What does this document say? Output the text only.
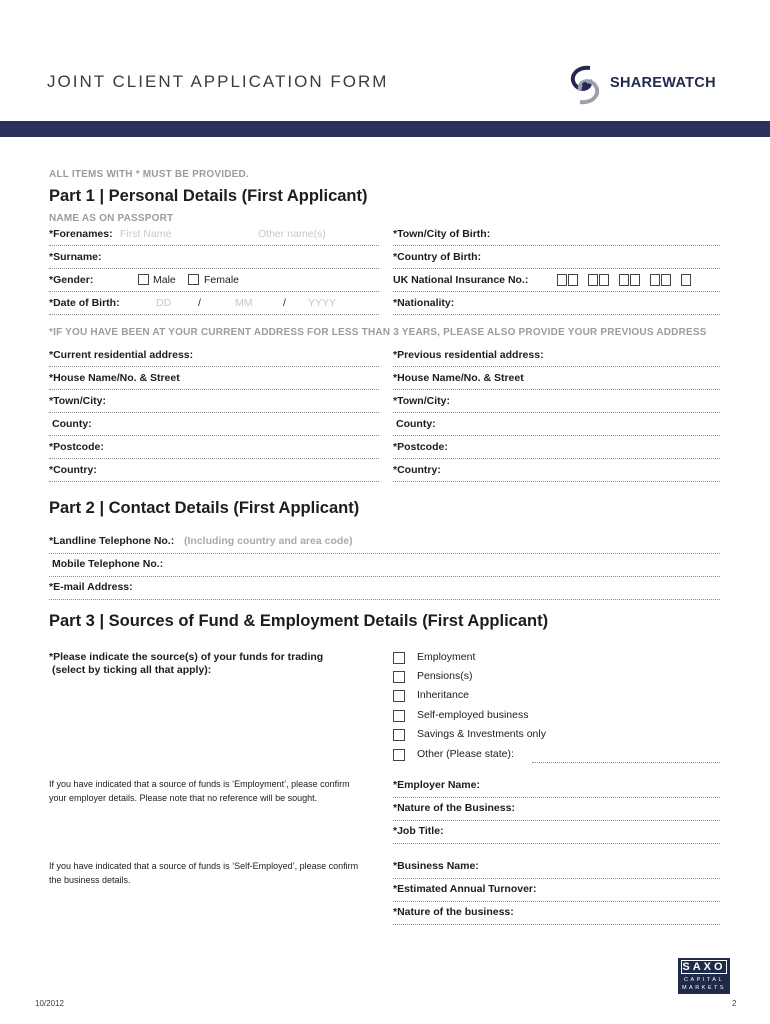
JOINT CLIENT APPLICATION FORM	SHAREWATCH
ALL ITEMS WITH * MUST BE PROVIDED.
Part 1 | Personal Details (First Applicant)
NAME AS ON PASSPORT
*Forenames: First Name	Other name(s)	*Town/City of Birth:
*Surname:	*Country of Birth:
*Gender:	Male	Female	UK National Insurance No.:
*Date of Birth:	DD	/	MM	/ YYYY	*Nationality:
*IF YOU HAVE BEEN AT YOUR CURRENT ADDRESS FOR LESS THAN 3 YEARS, PLEASE ALSO PROVIDE YOUR PREVIOUS ADDRESS
*Current residential address:	*Previous residential address:
*House Name/No. & Street	*House Name/No. & Street
*Town/City:	*Town/City:
County:	County:
*Postcode:	*Postcode:
*Country:	*Country:
Part 2 | Contact Details (First Applicant)
*Landline Telephone No.: (Including country and area code)
Mobile Telephone No.:
*E-mail Address:
Part 3 | Sources of Fund & Employment Details (First Applicant)
*Please indicate the source(s) of your funds for trading
(select by ticking all that apply):
Employment
Pensions(s)
Inheritance
Self-employed business
Savings & Investments only
Other (Please state):
If you have indicated that a source of funds is ‘Employment’, please confirm
your employer details. Please note that no reference will be sought.
*Employer Name:
*Nature of the Business:
*Job Title:
If you have indicated that a source of funds is ‘Self-Employed’, please confirm
the business details.
*Business Name:
*Estimated Annual Turnover:
*Nature of the business:
SAXO
CAPITAL
MARKETS
10/2012	2
